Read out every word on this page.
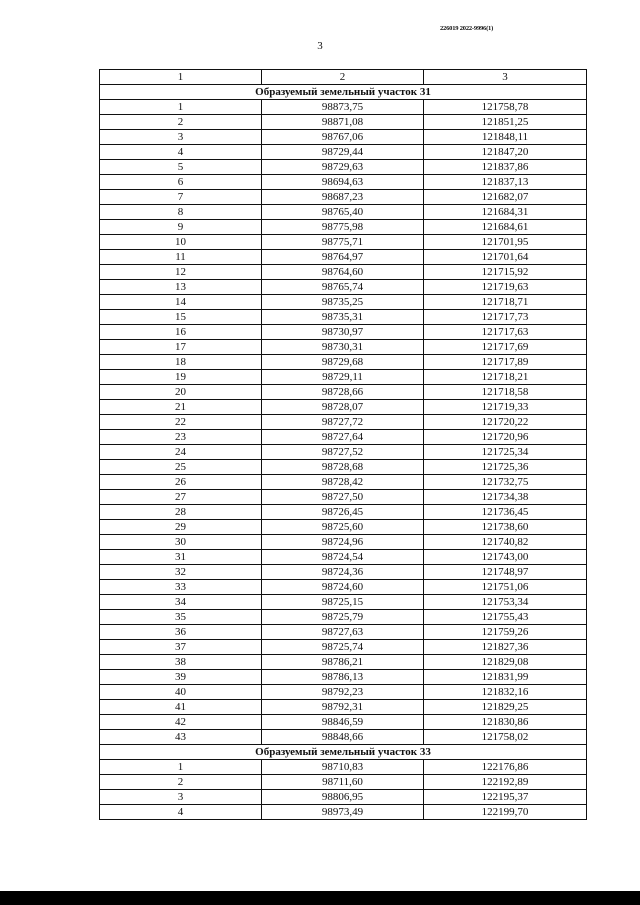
226019 2022-9996(1)
3
1	2	3
Образуемый земельный участок 31		
1	98873,75	121758,78
2	98871,08	121851,25
3	98767,06	121848,11
4	98729,44	121847,20
5	98729,63	121837,86
6	98694,63	121837,13
7	98687,23	121682,07
8	98765,40	121684,31
9	98775,98	121684,61
10	98775,71	121701,95
11	98764,97	121701,64
12	98764,60	121715,92
13	98765,74	121719,63
14	98735,25	121718,71
15	98735,31	121717,73
16	98730,97	121717,63
17	98730,31	121717,69
18	98729,68	121717,89
19	98729,11	121718,21
20	98728,66	121718,58
21	98728,07	121719,33
22	98727,72	121720,22
23	98727,64	121720,96
24	98727,52	121725,34
25	98728,68	121725,36
26	98728,42	121732,75
27	98727,50	121734,38
28	98726,45	121736,45
29	98725,60	121738,60
30	98724,96	121740,82
31	98724,54	121743,00
32	98724,36	121748,97
33	98724,60	121751,06
34	98725,15	121753,34
35	98725,79	121755,43
36	98727,63	121759,26
37	98725,74	121827,36
38	98786,21	121829,08
39	98786,13	121831,99
40	98792,23	121832,16
41	98792,31	121829,25
42	98846,59	121830,86
43	98848,66	121758,02
Образуемый земельный участок 33		
1	98710,83	122176,86
2	98711,60	122192,89
3	98806,95	122195,37
4	98973,49	122199,70
